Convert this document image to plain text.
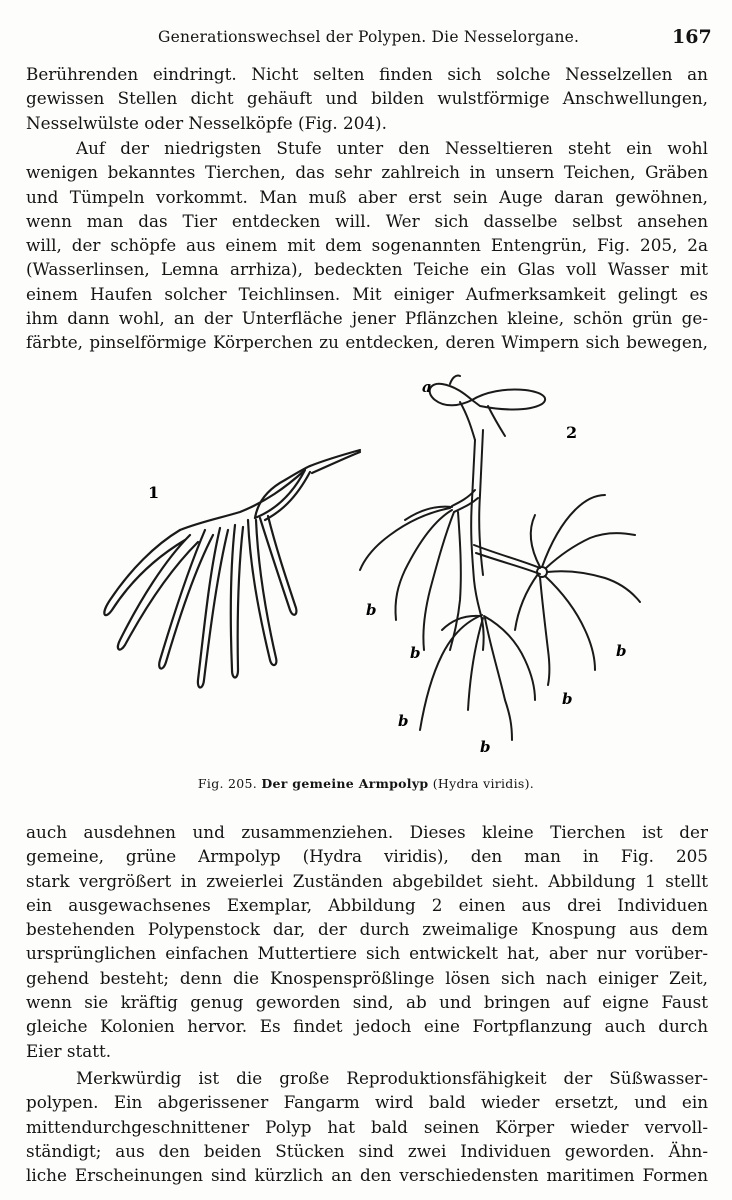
Generationswechsel der Polypen. Die Nesselorgane.	167
Berührenden eindringt. Nicht selten finden sich solche Nesselzellen an
gewissen Stellen dicht gehäuft und bilden wulstförmige Anschwellungen,
Nesselwülste oder Nesselköpfe (Fig. 204).
Auf der niedrigsten Stufe unter den Nesseltieren steht ein wohl
wenigen bekanntes Tierchen, das sehr zahlreich in unsern Teichen, Gräben
und Tümpeln vorkommt. Man muß aber erst sein Auge daran gewöhnen,
wenn man das Tier entdecken will. Wer sich dasselbe selbst ansehen
will, der schöpfe aus einem mit dem sogenannten Entengrün, Fig. 205, 2a
(Wasserlinsen, Lemna arrhiza), bedeckten Teiche ein Glas voll Wasser mit
einem Haufen solcher Teichlinsen. Mit einiger Aufmerksamkeit gelingt es
ihm dann wohl, an der Unterfläche jener Pflänzchen kleine, schön grün ge-
färbte, pinselförmige Körperchen zu entdecken, deren Wimpern sich bewegen,
1
2
a
b
b
b
b
b
b
Fig. 205. Der gemeine Armpolyp (Hydra viridis).
auch ausdehnen und zusammenziehen. Dieses kleine Tierchen ist der
gemeine, grüne Armpolyp (Hydra viridis), den man in Fig. 205
stark vergrößert in zweierlei Zuständen abgebildet sieht. Abbildung 1 stellt
ein ausgewachsenes Exemplar, Abbildung 2 einen aus drei Individuen
bestehenden Polypenstock dar, der durch zweimalige Knospung aus dem
ursprünglichen einfachen Muttertiere sich entwickelt hat, aber nur vorüber-
gehend besteht; denn die Knospensprößlinge lösen sich nach einiger Zeit,
wenn sie kräftig genug geworden sind, ab und bringen auf eigne Faust
gleiche Kolonien hervor. Es findet jedoch eine Fortpflanzung auch durch
Eier statt.
Merkwürdig ist die große Reproduktionsfähigkeit der Süßwasser-
polypen. Ein abgerissener Fangarm wird bald wieder ersetzt, und ein
mittendurchgeschnittener Polyp hat bald seinen Körper wieder vervoll-
ständigt; aus den beiden Stücken sind zwei Individuen geworden. Ähn-
liche Erscheinungen sind kürzlich an den verschiedensten maritimen Formen
